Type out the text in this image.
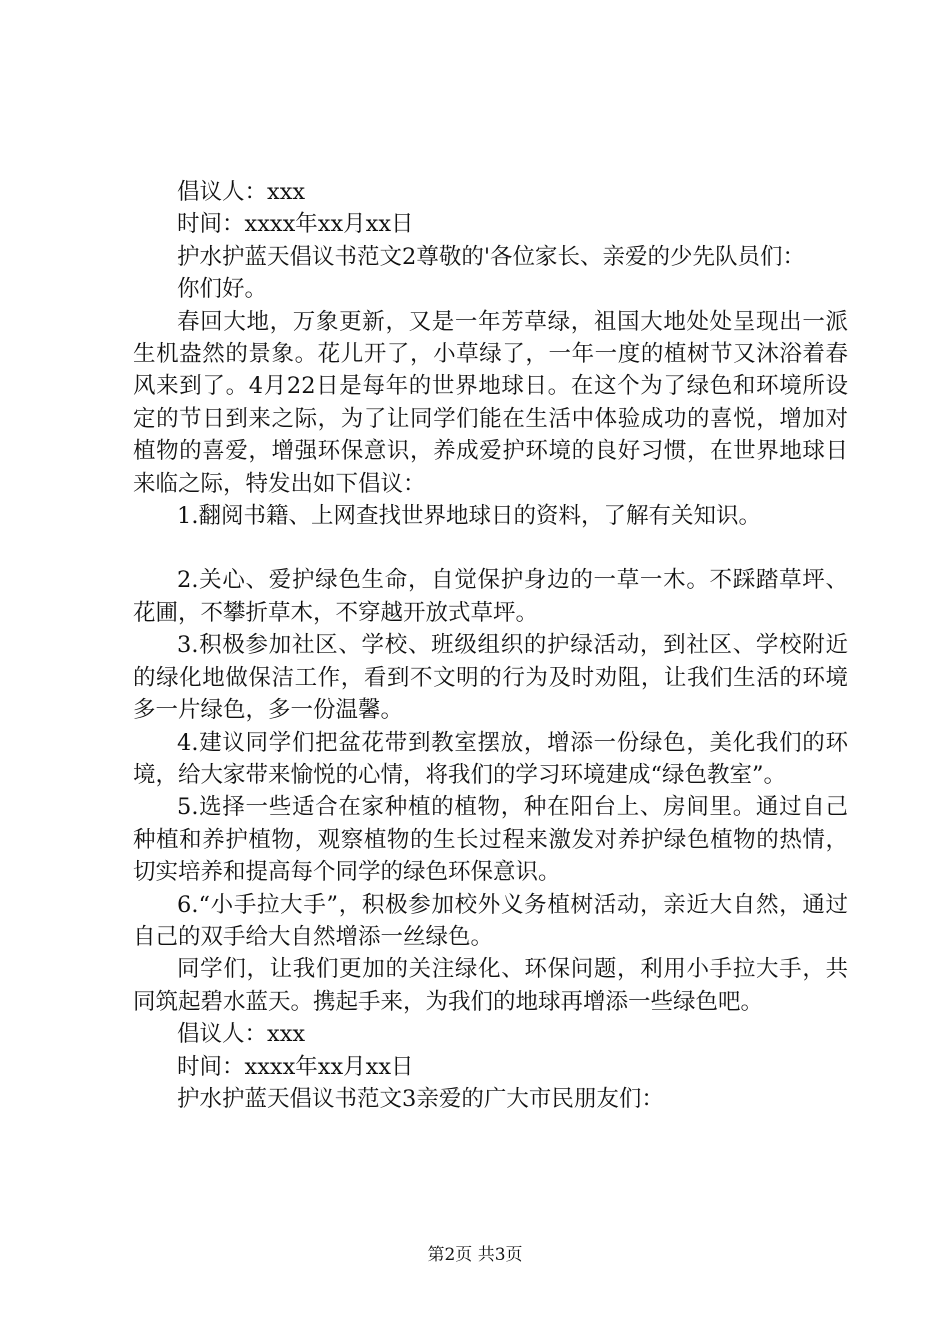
倡议人：xxx

时间：xxxx年xx月xx日

护水护蓝天倡议书范文2尊敬的'各位家长、亲爱的少先队员们：

你们好。

春回大地，万象更新，又是一年芳草绿，祖国大地处处呈现出一派生机盎然的景象。花儿开了，小草绿了，一年一度的植树节又沐浴着春风来到了。4月22日是每年的世界地球日。在这个为了绿色和环境所设定的节日到来之际，为了让同学们能在生活中体验成功的喜悦，增加对植物的喜爱，增强环保意识，养成爱护环境的良好习惯，在世界地球日来临之际，特发出如下倡议：

1.翻阅书籍、上网查找世界地球日的资料，了解有关知识。

2.关心、爱护绿色生命，自觉保护身边的一草一木。不踩踏草坪、花圃，不攀折草木，不穿越开放式草坪。

3.积极参加社区、学校、班级组织的护绿活动，到社区、学校附近的绿化地做保洁工作，看到不文明的行为及时劝阻，让我们生活的环境多一片绿色，多一份温馨。

4.建议同学们把盆花带到教室摆放，增添一份绿色，美化我们的环境，给大家带来愉悦的心情，将我们的学习环境建成“绿色教室”。

5.选择一些适合在家种植的植物，种在阳台上、房间里。通过自己种植和养护植物，观察植物的生长过程来激发对养护绿色植物的热情，切实培养和提高每个同学的绿色环保意识。

6.“小手拉大手”，积极参加校外义务植树活动，亲近大自然，通过自己的双手给大自然增添一丝绿色。

同学们，让我们更加的关注绿化、环保问题，利用小手拉大手，共同筑起碧水蓝天。携起手来，为我们的地球再增添一些绿色吧。

倡议人：xxx

时间：xxxx年xx月xx日

护水护蓝天倡议书范文3亲爱的广大市民朋友们：

第2页 共3页
